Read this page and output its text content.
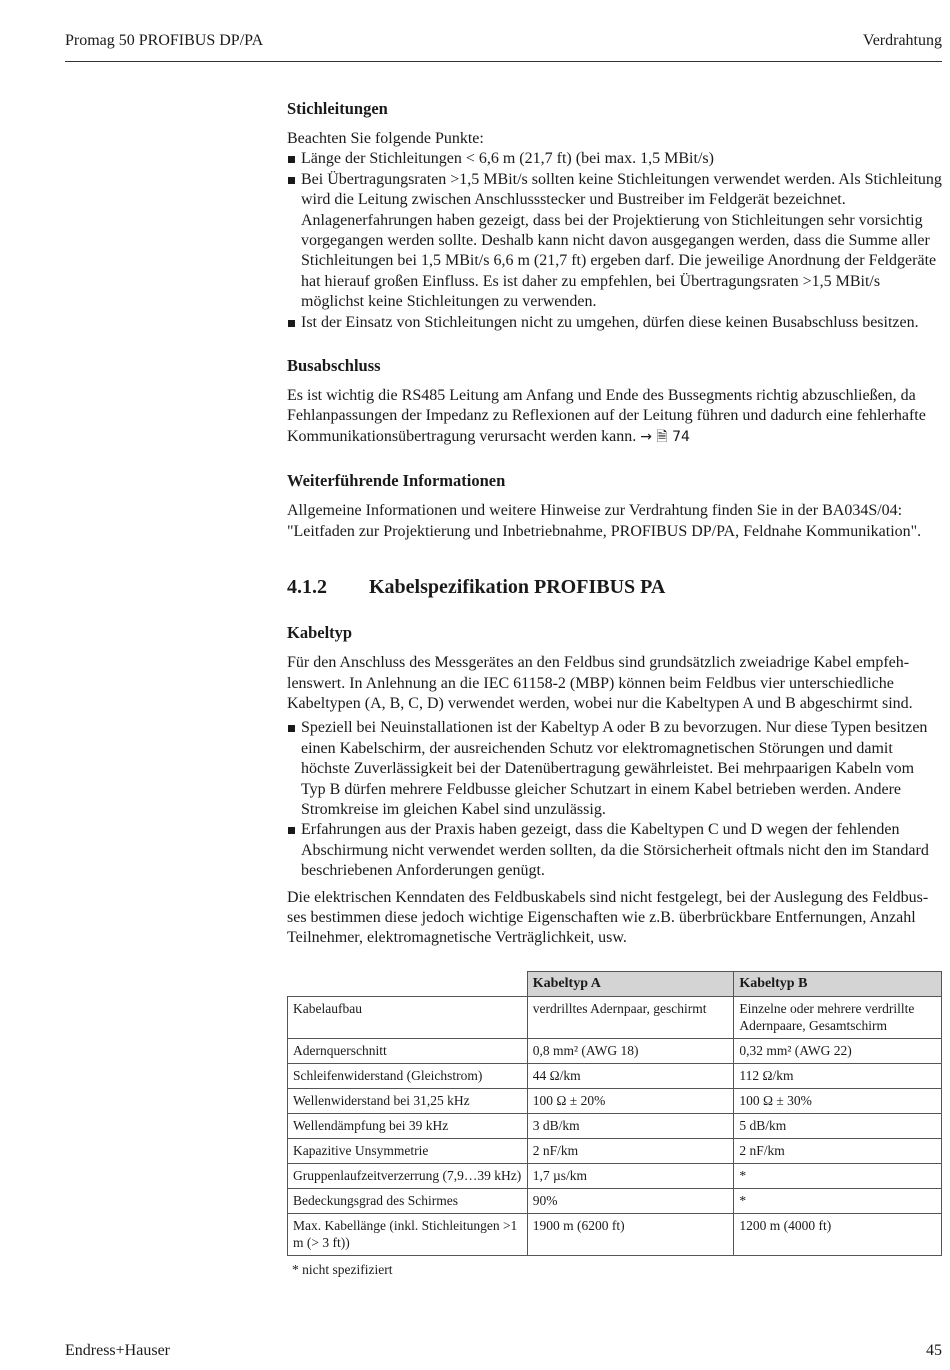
Promag 50 PROFIBUS DP/PA	Verdrahtung
Stichleitungen

Beachten Sie folgende Punkte:

Länge der Stichleitungen < 6,6 m (21,7 ft) (bei max. 1,5 MBit/s)
Bei Übertragungsraten >1,5 MBit/s sollten keine Stichleitungen verwendet werden. Als Stichleitung wird die Leitung zwischen Anschlussstecker und Bustreiber im Feldgerät bezeichnet. Anlagenerfahrungen haben gezeigt, dass bei der Projektierung von Stichleitungen sehr vorsichtig vorgegangen werden sollte. Deshalb kann nicht davon ausgegangen werden, dass die Summe aller Stichleitungen bei 1,5 MBit/s 6,6 m (21,7 ft) ergeben darf. Die jeweilige Anordnung der Feldgeräte hat hierauf großen Einfluss. Es ist daher zu empfehlen, bei Übertragungsraten >1,5 MBit/s möglichst keine Stichleitungen zu verwenden.
Ist der Einsatz von Stichleitungen nicht zu umgehen, dürfen diese keinen Busabschluss besitzen.
Busabschluss

Es ist wichtig die RS485 Leitung am Anfang und Ende des Bussegments richtig abzuschließen, da Fehlanpassungen der Impedanz zu Reflexionen auf der Leitung führen und dadurch eine fehlerhafte Kommunikationsübertragung verursacht werden kann. → 🗎 74

Weiterführende Informationen

Allgemeine Informationen und weitere Hinweise zur Verdrahtung finden Sie in der BA034S/04: "Leitfaden zur Projektierung und Inbetriebnahme, PROFIBUS DP/PA, Feldnahe Kommunikation".

4.1.2 Kabelspezifikation PROFIBUS PA
Kabeltyp

Für den Anschluss des Messgerätes an den Feldbus sind grundsätzlich zweiadrige Kabel empfehlenswert. In Anlehnung an die IEC 61158-2 (MBP) können beim Feldbus vier unterschiedliche Kabeltypen (A, B, C, D) verwendet werden, wobei nur die Kabeltypen A und B abgeschirmt sind.

Speziell bei Neuinstallationen ist der Kabeltyp A oder B zu bevorzugen. Nur diese Typen besitzen einen Kabelschirm, der ausreichenden Schutz vor elektromagnetischen Störungen und damit höchste Zuverlässigkeit bei der Datenübertragung gewährleistet. Bei mehrpaarigen Kabeln vom Typ B dürfen mehrere Feldbusse gleicher Schutzart in einem Kabel betrieben werden. Andere Stromkreise im gleichen Kabel sind unzulässig.
Erfahrungen aus der Praxis haben gezeigt, dass die Kabeltypen C und D wegen der fehlenden Abschirmung nicht verwendet werden sollten, da die Störsicherheit oftmals nicht den im Standard beschriebenen Anforderungen genügt.

Die elektrischen Kenndaten des Feldbuskabels sind nicht festgelegt, bei der Auslegung des Feldbusses bestimmen diese jedoch wichtige Eigenschaften wie z.B. überbrückbare Entfernungen, Anzahl Teilnehmer, elektromagnetische Verträglichkeit, usw.

	Kabeltyp A	Kabeltyp B
Kabelaufbau	verdrilltes Adernpaar, geschirmt	Einzelne oder mehrere verdrillte Adernpaare, Gesamtschirm
Adernquerschnitt	0,8 mm² (AWG 18)	0,32 mm² (AWG 22)
Schleifenwiderstand (Gleichstrom)	44 Ω/km	112 Ω/km
Wellenwiderstand bei 31,25 kHz	100 Ω ± 20%	100 Ω ± 30%
Wellendämpfung bei 39 kHz	3 dB/km	5 dB/km
Kapazitive Unsymmetrie	2 nF/km	2 nF/km
Gruppenlaufzeitverzerrung (7,9…39 kHz)	1,7 µs/km	*
Bedeckungsgrad des Schirmes	90%	*
Max. Kabellänge (inkl. Stichleitungen >1 m (> 3 ft))	1900 m (6200 ft)	1200 m (4000 ft)
* nicht spezifiziert
Endress+Hauser	45
